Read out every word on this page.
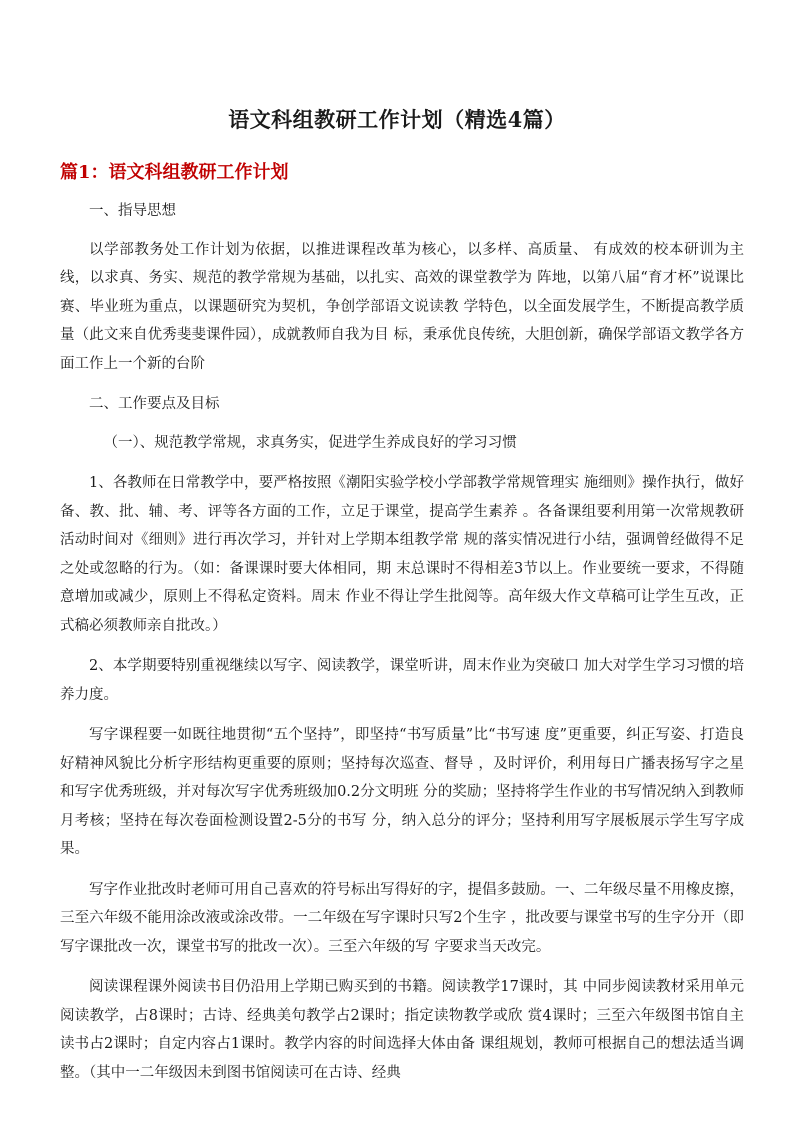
语文科组教研工作计划（精选4篇）
篇1：语文科组教研工作计划

一、指导思想

以学部教务处工作计划为依据，以推进课程改革为核心，以多样、高质量、 有成效的校本研训为主线，以求真、务实、规范的教学常规为基础，以扎实、高效的课堂教学为 阵地，以第八届“育才杯”说课比赛、毕业班为重点，以课题研究为契机，争创学部语文说读教 学特色，以全面发展学生，不断提高教学质量（此文来自优秀斐斐课件园），成就教师自我为目 标，秉承优良传统，大胆创新，确保学部语文教学各方面工作上一个新的台阶

二、工作要点及目标

（一）、规范教学常规，求真务实，促进学生养成良好的学习习惯

1、各教师在日常教学中，要严格按照《潮阳实验学校小学部教学常规管理实 施细则》操作执行，做好备、教、批、辅、考、评等各方面的工作，立足于课堂，提高学生素养 。各备课组要利用第一次常规教研活动时间对《细则》进行再次学习，并针对上学期本组教学常 规的落实情况进行小结，强调曾经做得不足之处或忽略的行为。（如：备课课时要大体相同，期 末总课时不得相差3节以上。作业要统一要求，不得随意增加或减少，原则上不得私定资料。周末 作业不得让学生批阅等。高年级大作文草稿可让学生互改，正式稿必须教师亲自批改。）

2、本学期要特别重视继续以写字、阅读教学，课堂听讲，周末作业为突破口 加大对学生学习习惯的培养力度。

写字课程要一如既往地贯彻“五个坚持”，即坚持“书写质量”比“书写速 度”更重要，纠正写姿、打造良好精神风貌比分析字形结构更重要的原则；坚持每次巡查、督导 ，及时评价，利用每日广播表扬写字之星和写字优秀班级，并对每次写字优秀班级加0.2分文明班 分的奖励；坚持将学生作业的书写情况纳入到教师月考核；坚持在每次卷面检测设置2-5分的书写 分，纳入总分的评分；坚持利用写字展板展示学生写字成果。

写字作业批改时老师可用自己喜欢的符号标出写得好的字，提倡多鼓励。一、二年级尽量不用橡皮擦，三至六年级不能用涂改液或涂改带。一二年级在写字课时只写2个生字 ，批改要与课堂书写的生字分开（即写字课批改一次，课堂书写的批改一次）。三至六年级的写 字要求当天改完。

阅读课程课外阅读书目仍沿用上学期已购买到的书籍。阅读教学17课时，其 中同步阅读教材采用单元阅读教学，占8课时；古诗、经典美句教学占2课时；指定读物教学或欣 赏4课时；三至六年级图书馆自主读书占2课时；自定内容占1课时。教学内容的时间选择大体由备 课组规划，教师可根据自己的想法适当调整。（其中一二年级因未到图书馆阅读可在古诗、经典
